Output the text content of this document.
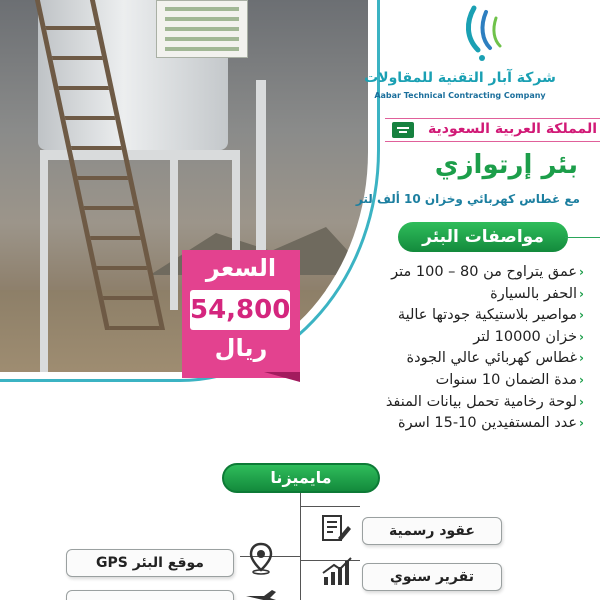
شركة آبار التقنية للمقاولات
Aabar Technical Contracting Company
المملكة العربية السعودية
بئر إرتوازي
مع غطاس كهربائي وخزان 10 ألف لتر
مواصفات البئر
السعر
54,800
ريال
‹عمق يتراوح من 80 – 100 متر
‹الحفر بالسيارة
‹مواصير بلاستيكية جودتها عالية
‹خزان 10000 لتر
‹غطاس كهربائي عالي الجودة
‹مدة الضمان 10 سنوات
‹لوحة رخامية تحمل بيانات المنفذ
‹عدد المستفيدين 10-15 اسرة
مايميزنا
عقود رسمية
تقرير سنوي
موقع البئر GPS
